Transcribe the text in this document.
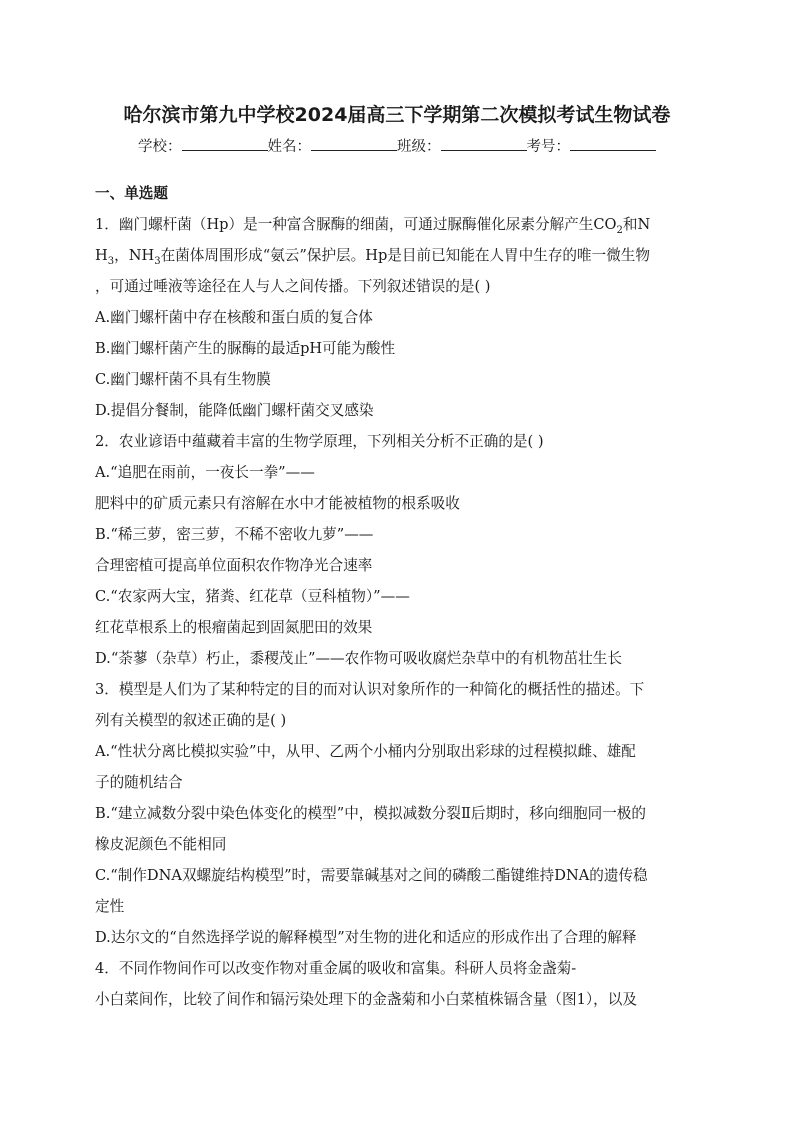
哈尔滨市第九中学校2024届高三下学期第二次模拟考试生物试卷
学校：	姓名：	班级：	考号：
一、单选题
1．幽门螺杆菌（Hp）是一种富含脲酶的细菌，可通过脲酶催化尿素分解产生$CO_2$和N
$H_3$，$NH_3$在菌体周围形成“氨云”保护层。Hp是目前已知能在人胃中生存的唯一微生物
，可通过唾液等途径在人与人之间传播。下列叙述错误的是( )
A.幽门螺杆菌中存在核酸和蛋白质的复合体
B.幽门螺杆菌产生的脲酶的最适pH可能为酸性
C.幽门螺杆菌不具有生物膜
D.提倡分餐制，能降低幽门螺杆菌交叉感染
2．农业谚语中蕴藏着丰富的生物学原理，下列相关分析不正确的是( )
A.“追肥在雨前，一夜长一拳”——
肥料中的矿质元素只有溶解在水中才能被植物的根系吸收
B.“稀三萝，密三萝，不稀不密收九萝”——
合理密植可提高单位面积农作物净光合速率
C.“农家两大宝，猪粪、红花草（豆科植物）”——
红花草根系上的根瘤菌起到固氮肥田的效果
D.“荼蓼（杂草）朽止，黍稷茂止”——农作物可吸收腐烂杂草中的有机物茁壮生长
3．模型是人们为了某种特定的目的而对认识对象所作的一种简化的概括性的描述。下
列有关模型的叙述正确的是( )
A.“性状分离比模拟实验”中，从甲、乙两个小桶内分别取出彩球的过程模拟雌、雄配
子的随机结合
B.“建立减数分裂中染色体变化的模型”中，模拟减数分裂Ⅱ后期时，移向细胞同一极的
橡皮泥颜色不能相同
C.“制作DNA双螺旋结构模型”时，需要靠碱基对之间的磷酸二酯键维持DNA的遗传稳
定性
D.达尔文的“自然选择学说的解释模型”对生物的进化和适应的形成作出了合理的解释
4．不同作物间作可以改变作物对重金属的吸收和富集。科研人员将金盏菊-
小白菜间作，比较了间作和镉污染处理下的金盏菊和小白菜植株镉含量（图1），以及
